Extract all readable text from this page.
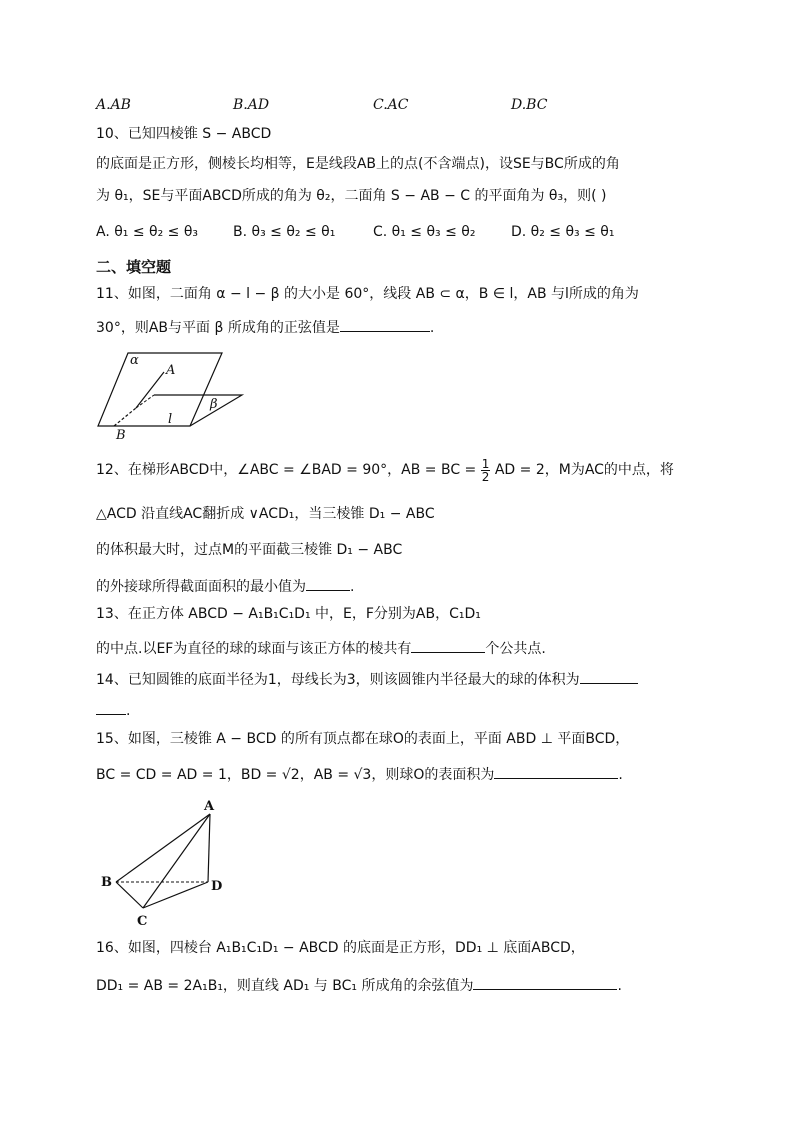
A.AB	B.AD	C.AC	D.BC
10、已知四棱锥 S − ABCD
的底面是正方形，侧棱长均相等，E是线段AB上的点(不含端点)，设SE与BC所成的角
为 θ₁，SE与平面ABCD所成的角为 θ₂，二面角 S − AB − C 的平面角为 θ₃，则( )
A. θ₁ ≤ θ₂ ≤ θ₃ B. θ₃ ≤ θ₂ ≤ θ₁	C. θ₁ ≤ θ₃ ≤ θ₂	D. θ₂ ≤ θ₃ ≤ θ₁
二、填空题
11、如图，二面角 α − l − β 的大小是 60°，线段 AB ⊂ α，B ∈ l，AB 与l所成的角为
30°，则AB与平面 β 所成角的正弦值是	.
α
A
β
l
B
12、在梯形ABCD中，∠ABC = ∠BAD = 90°，AB = BC = $\frac{1}{2}$ AD = 2，M为AC的中点，将
△ACD 沿直线AC翻折成 ∨ACD₁，当三棱锥 D₁ − ABC
的体积最大时，过点M的平面截三棱锥 D₁ − ABC
的外接球所得截面面积的最小值为	.
13、在正方体 ABCD − A₁B₁C₁D₁ 中，E，F分别为AB，C₁D₁
的中点.以EF为直径的球的球面与该正方体的棱共有	个公共点.
14、已知圆锥的底面半径为1，母线长为3，则该圆锥内半径最大的球的体积为
.
15、如图，三棱锥 A − BCD 的所有顶点都在球O的表面上，平面 ABD ⊥ 平面BCD，
BC = CD = AD = 1，BD = √2，AB = √3，则球O的表面积为	.
A
B	D
C
16、如图，四棱台 A₁B₁C₁D₁ − ABCD 的底面是正方形，DD₁ ⊥ 底面ABCD，
DD₁ = AB = 2A₁B₁，则直线 AD₁ 与 BC₁ 所成角的余弦值为	.
